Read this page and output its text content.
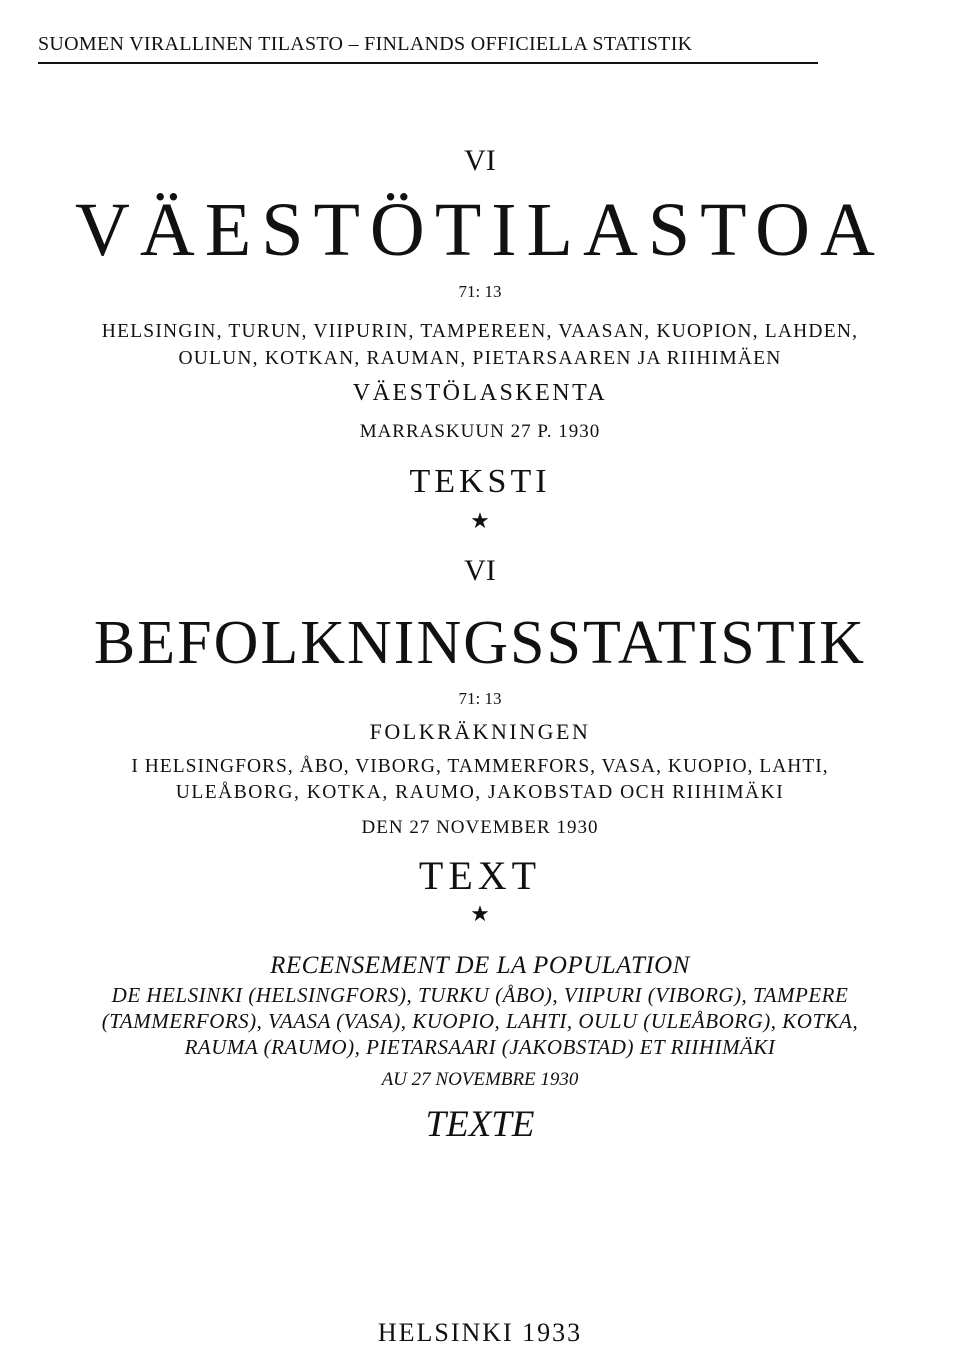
SUOMEN VIRALLINEN TILASTO – FINLANDS OFFICIELLA STATISTIK
VI
VÄESTÖTILASTOA
71: 13
HELSINGIN, TURUN, VIIPURIN, TAMPEREEN, VAASAN, KUOPION, LAHDEN,
OULUN, KOTKAN, RAUMAN, PIETARSAAREN JA RIIHIMÄEN
VÄESTÖLASKENTA
MARRASKUUN 27 P. 1930
TEKSTI
★
VI
BEFOLKNINGSSTATISTIK
71: 13
FOLKRÄKNINGEN
I HELSINGFORS, ÅBO, VIBORG, TAMMERFORS, VASA, KUOPIO, LAHTI,
ULEÅBORG, KOTKA, RAUMO, JAKOBSTAD OCH RIIHIMÄKI
DEN 27 NOVEMBER 1930
TEXT
★
RECENSEMENT DE LA POPULATION
DE HELSINKI (HELSINGFORS), TURKU (ÅBO), VIIPURI (VIBORG), TAMPERE
(TAMMERFORS), VAASA (VASA), KUOPIO, LAHTI, OULU (ULEÅBORG), KOTKA,
RAUMA (RAUMO), PIETARSAARI (JAKOBSTAD) ET RIIHIMÄKI
AU 27 NOVEMBRE 1930
TEXTE
HELSINKI 1933
